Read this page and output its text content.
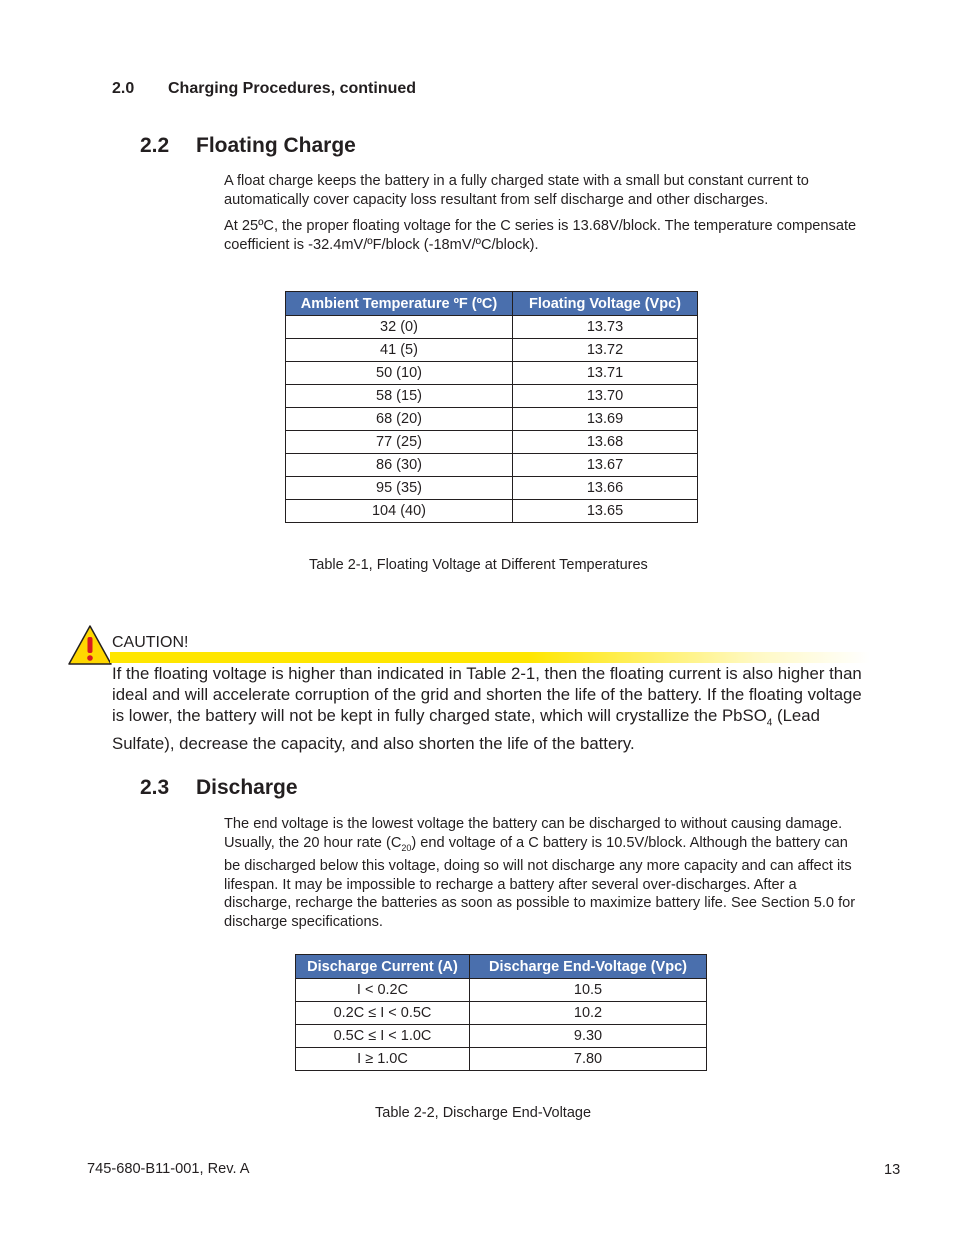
2.0 Charging Procedures, continued
2.2 Floating Charge

A float charge keeps the battery in a fully charged state with a small but constant current to automatically cover capacity loss resultant from self discharge and other discharges.

At 25ºC, the proper floating voltage for the C series is 13.68V/block. The temperature compensate coefficient is -32.4mV/ºF/block (-18mV/ºC/block).

Ambient Temperature ºF (ºC)	Floating Voltage (Vpc)
32 (0)	13.73
41 (5)	13.72
50 (10)	13.71
58 (15)	13.70
68 (20)	13.69
77 (25)	13.68
86 (30)	13.67
95 (35)	13.66
104 (40)	13.65
Table 2-1, Floating Voltage at Different Temperatures
CAUTION!
If the floating voltage is higher than indicated in Table 2-1, then the floating current is also higher than ideal and will accelerate corruption of the grid and shorten the life of the battery. If the floating voltage is lower, the battery will not be kept in fully charged state, which will crystallize the PbSO$_4$ (Lead Sulfate), decrease the capacity, and also shorten the life of the battery.
2.3 Discharge

The end voltage is the lowest voltage the battery can be discharged to without causing damage. Usually, the 20 hour rate $(C_{20})$ end voltage of a C battery is 10.5V/block. Although the battery can be discharged below this voltage, doing so will not discharge any more capacity and can affect its lifespan. It may be impossible to recharge a battery after several over-discharges. After a discharge, recharge the batteries as soon as possible to maximize battery life. See Section 5.0 for discharge specifications.

Discharge Current (A)	Discharge End-Voltage (Vpc)
I < 0.2C	10.5
0.2C ≤ I < 0.5C	10.2
0.5C ≤ I < 1.0C	9.30
I ≥ 1.0C	7.80
Table 2-2, Discharge End-Voltage
745-680-B11-001, Rev. A	13
